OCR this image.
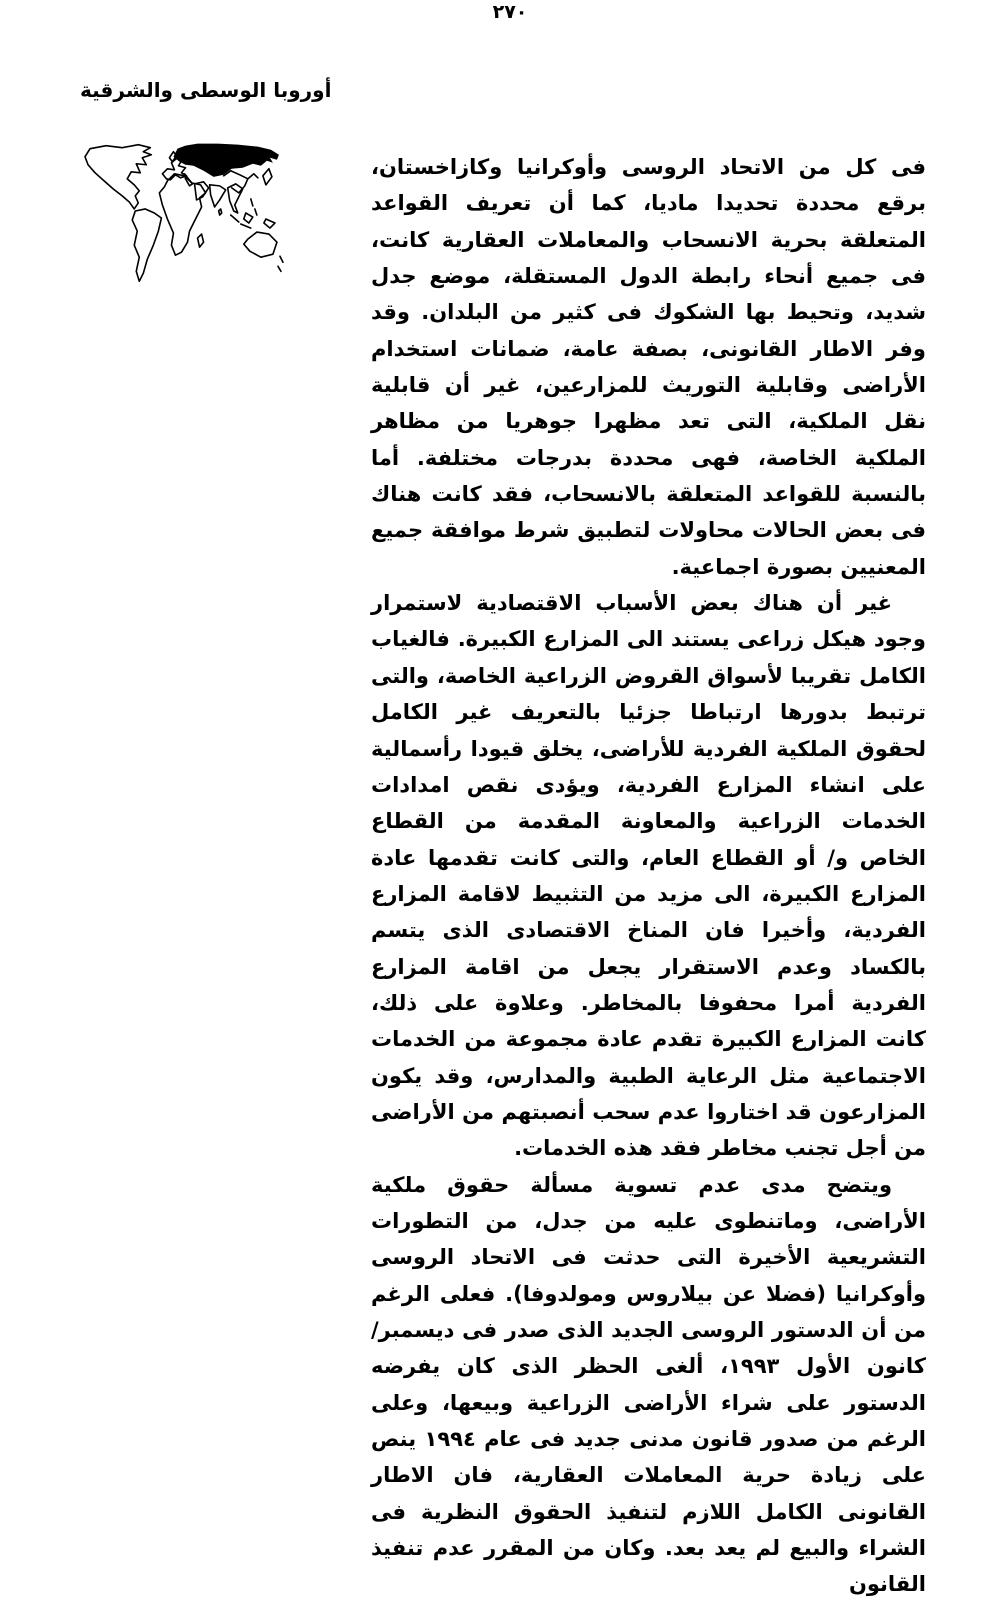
٢٧٠
أوروبا الوسطى والشرقية

فى كل من الاتحاد الروسى وأوكرانيا وكازاخستان، برقع محددة تحديدا ماديا، كما أن تعريف القواعد المتعلقة بحرية الانسحاب والمعاملات العقارية كانت، فى جميع أنحاء رابطة الدول المستقلة، موضع جدل شديد، وتحيط بها الشكوك فى كثير من البلدان. وقد وفر الاطار القانونى، بصفة عامة، ضمانات استخدام الأراضى وقابلية التوريث للمزارعين، غير أن قابلية نقل الملكية، التى تعد مظهرا جوهريا من مظاهر الملكية الخاصة، فهى محددة بدرجات مختلفة. أما بالنسبة للقواعد المتعلقة بالانسحاب، فقد كانت هناك فى بعض الحالات محاولات لتطبيق شرط موافقة جميع المعنيين بصورة اجماعية.

غير أن هناك بعض الأسباب الاقتصادية لاستمرار وجود هيكل زراعى يستند الى المزارع الكبيرة. فالغياب الكامل تقريبا لأسواق القروض الزراعية الخاصة، والتى ترتبط بدورها ارتباطا جزئيا بالتعريف غير الكامل لحقوق الملكية الفردية للأراضى، يخلق قيودا رأسمالية على انشاء المزارع الفردية، ويؤدى نقص امدادات الخدمات الزراعية والمعاونة المقدمة من القطاع الخاص و/ أو القطاع العام، والتى كانت تقدمها عادة المزارع الكبيرة، الى مزيد من التثبيط لاقامة المزارع الفردية، وأخيرا فان المناخ الاقتصادى الذى يتسم بالكساد وعدم الاستقرار يجعل من اقامة المزارع الفردية أمرا محفوفا بالمخاطر. وعلاوة على ذلك، كانت المزارع الكبيرة تقدم عادة مجموعة من الخدمات الاجتماعية مثل الرعاية الطبية والمدارس، وقد يكون المزارعون قد اختاروا عدم سحب أنصبتهم من الأراضى من أجل تجنب مخاطر فقد هذه الخدمات.

ويتضح مدى عدم تسوية مسألة حقوق ملكية الأراضى، وماتنطوى عليه من جدل، من التطورات التشريعية الأخيرة التى حدثت فى الاتحاد الروسى وأوكرانيا (فضلا عن بيلاروس ومولدوفا). فعلى الرغم من أن الدستور الروسى الجديد الذى صدر فى ديسمبر/ كانون الأول ١٩٩٣، ألغى الحظر الذى كان يفرضه الدستور على شراء الأراضى الزراعية وبيعها، وعلى الرغم من صدور قانون مدنى جديد فى عام ١٩٩٤ ينص على زيادة حرية المعاملات العقارية، فان الاطار القانونى الكامل اللازم لتنفيذ الحقوق النظرية فى الشراء والبيع لم يعد بعد. وكان من المقرر عدم تنفيذ القانون
